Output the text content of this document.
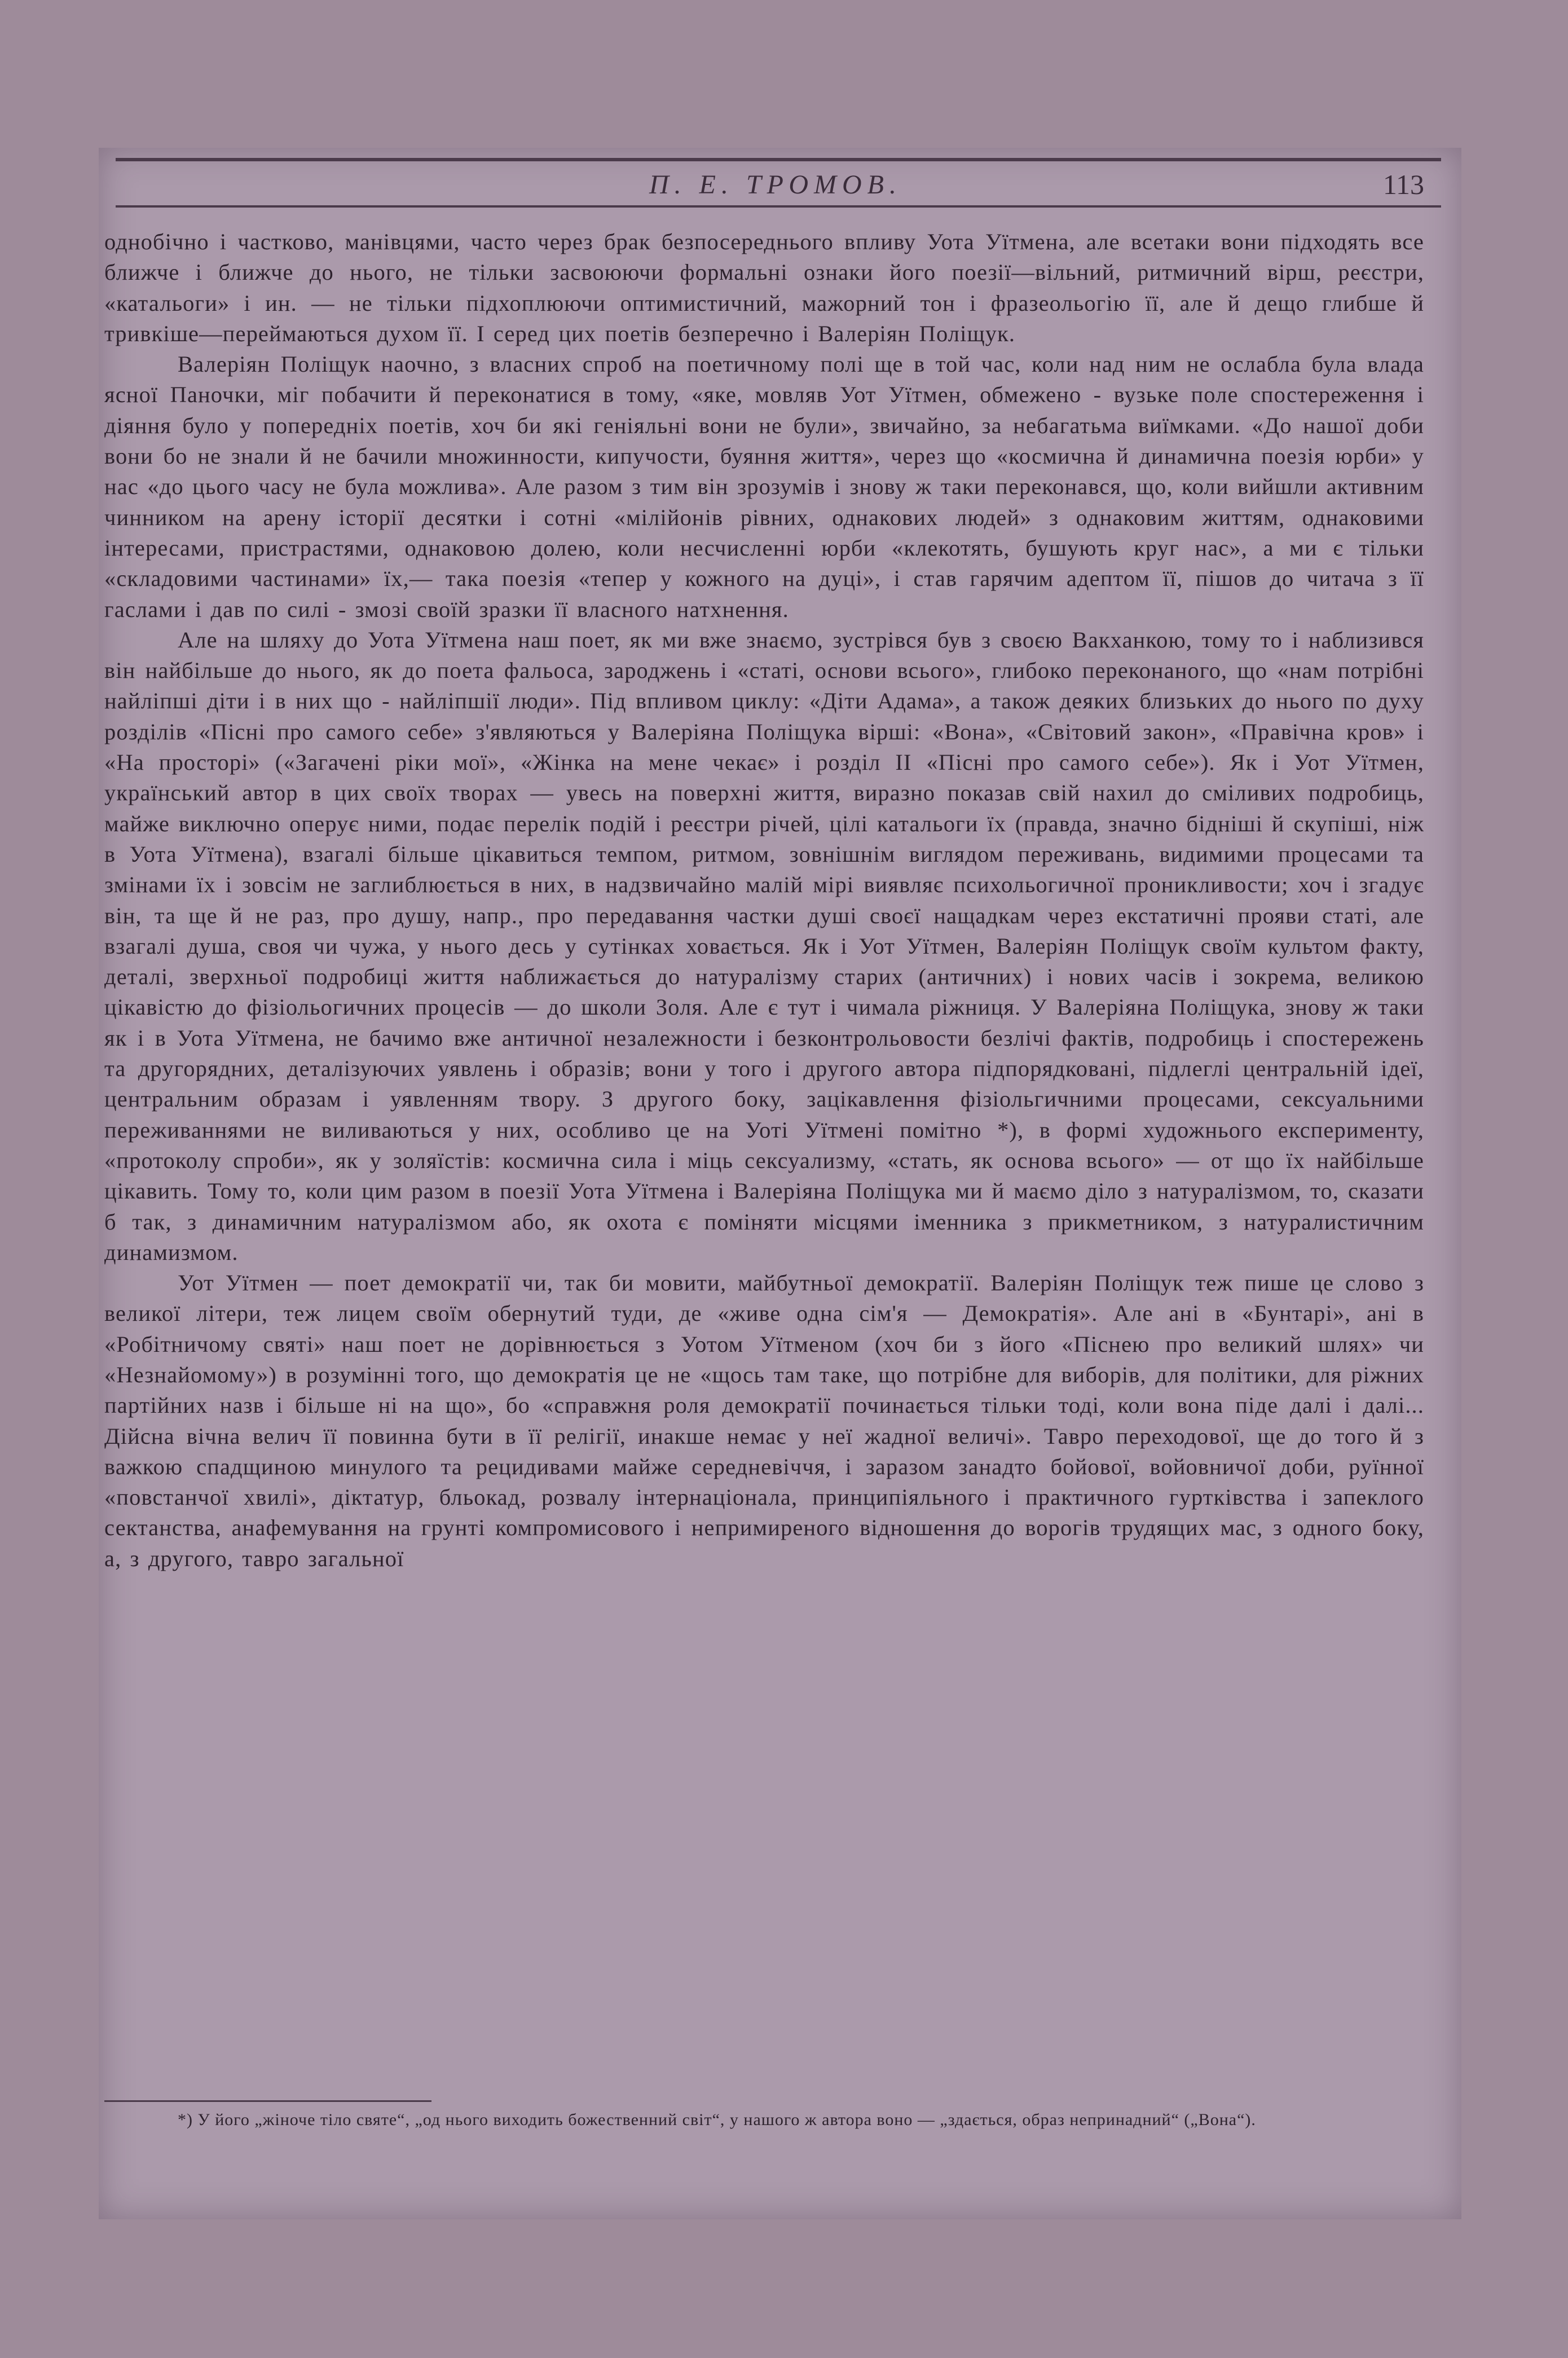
П. Е. ТРОМОВ.	113

однобічно і частково, манівцями, часто через брак безпосереднього впливу Уота Уїтмена, але всетаки вони підходять все ближче і ближче до нього, не тільки засвоюючи формальні ознаки його поезії—вільний, ритмичний вірш, реєстри, «катальоги» і ин. — не тільки підхоплюючи оптимистичний, мажорний тон і фразеольогію її, але й дещо глибше й тривкіше—переймаються духом її. І серед цих поетів безперечно і Валеріян Поліщук.

Валеріян Поліщук наочно, з власних спроб на поетичному полі ще в той час, коли над ним не ослабла була влада ясної Паночки, міг побачити й переконатися в тому, «яке, мовляв Уот Уїтмен, обмежено - вузьке поле спостереження і діяння було у попередніх поетів, хоч би які геніяльні вони не були», звичайно, за небагатьма виїмками. «До нашої доби вони бо не знали й не бачили множинности, кипучости, буяння життя», через що «космична й динамична поезія юрби» у нас «до цього часу не була можлива». Але разом з тим він зрозумів і знову ж таки переконався, що, коли вийшли активним чинником на арену історії десятки і сотні «мілійонів рівних, однакових людей» з однаковим життям, однаковими інтересами, пристрастями, однаковою долею, коли несчисленні юрби «клекотять, бушують круг нас», а ми є тільки «складовими частинами» їх,— така поезія «тепер у кожного на дуці», і став гарячим адептом її, пішов до читача з її гаслами і дав по силі - змозі своїй зразки її власного натхнення.

Але на шляху до Уота Уїтмена наш поет, як ми вже знаємо, зустрівся був з своєю Вакханкою, тому то і наблизився він найбільше до нього, як до поета фальоса, зароджень і «статі, основи всього», глибоко переконаного, що «нам потрібні найліпші діти і в них що - найліпшії люди». Під впливом циклу: «Діти Адама», а також деяких близьких до нього по духу розділів «Пісні про самого себе» з'являються у Валеріяна Поліщука вірші: «Вона», «Світовий закон», «Правічна кров» і «На просторі» («Загачені ріки мої», «Жінка на мене чекає» і розділ II «Пісні про самого себе»). Як і Уот Уїтмен, український автор в цих своїх творах — увесь на поверхні життя, виразно показав свій нахил до сміливих подробиць, майже виключно оперує ними, подає перелік подій і реєстри річей, цілі катальоги їх (правда, значно бідніші й скупіші, ніж в Уота Уїтмена), взагалі більше цікавиться темпом, ритмом, зовнішнім виглядом переживань, видимими процесами та змінами їх і зовсім не заглиблюється в них, в надзвичайно малій мірі виявляє психольогичної проникливости; хоч і згадує він, та ще й не раз, про душу, напр., про передавання частки душі своєї нащадкам через екстатичні прояви статі, але взагалі душа, своя чи чужа, у нього десь у сутінках ховається. Як і Уот Уїтмен, Валеріян Поліщук своїм культом факту, деталі, зверхньої подробиці життя наближається до натуралізму старих (античних) і нових часів і зокрема, великою цікавістю до фізіольогичних процесів — до школи Золя. Але є тут і чимала ріжниця. У Валеріяна Поліщука, знову ж таки як і в Уота Уїтмена, не бачимо вже античної незалежности і безконтрольовости безлічі фактів, подробиць і спостережень та другорядних, деталізуючих уявлень і образів; вони у того і другого автора підпорядковані, підлеглі центральній ідеї, центральним образам і уявленням твору. З другого боку, зацікавлення фізіольгичними процесами, сексуальними переживаннями не виливаються у них, особливо це на Уоті Уїтмені помітно *), в формі художнього експерименту, «протоколу спроби», як у золяїстів: космична сила і міць сексуализму, «стать, як основа всього» — от що їх найбільше цікавить. Тому то, коли цим разом в поезії Уота Уїтмена і Валеріяна Поліщука ми й маємо діло з натуралізмом, то, сказати б так, з динамичним натуралізмом або, як охота є поміняти місцями іменника з прикметником, з натуралистичним динамизмом.

Уот Уїтмен — поет демократії чи, так би мовити, майбутньої демократії. Валеріян Поліщук теж пише це слово з великої літери, теж лицем своїм обернутий туди, де «живе одна сім'я — Демократія». Але ані в «Бунтарі», ані в «Робітничому святі» наш поет не дорівнюється з Уотом Уїтменом (хоч би з його «Піснею про великий шлях» чи «Незнайомому») в розумінні того, що демократія це не «щось там таке, що потрібне для виборів, для політики, для ріжних партійних назв і більше ні на що», бо «справжня роля демократії починається тільки тоді, коли вона піде далі і далі... Дійсна вічна велич її повинна бути в її релігії, инакше немає у неї жадної величі». Тавро переходової, ще до того й з важкою спадщиною минулого та рецидивами майже середневіччя, і заразом занадто бойової, войовничої доби, руїнної «повстанчої хвилі», діктатур, бльокад, розвалу інтернаціонала, принципіяльного і практичного гуртківства і запеклого сектанства, анафемування на грунті компромисового і непримиреного відношення до ворогів трудящих мас, з одного боку, а, з другого, тавро загальної

*) У його „жіноче тіло святе“, „од нього виходить божественний світ“, у нашого ж автора воно — „здається, образ непринадний“ („Вона“).
